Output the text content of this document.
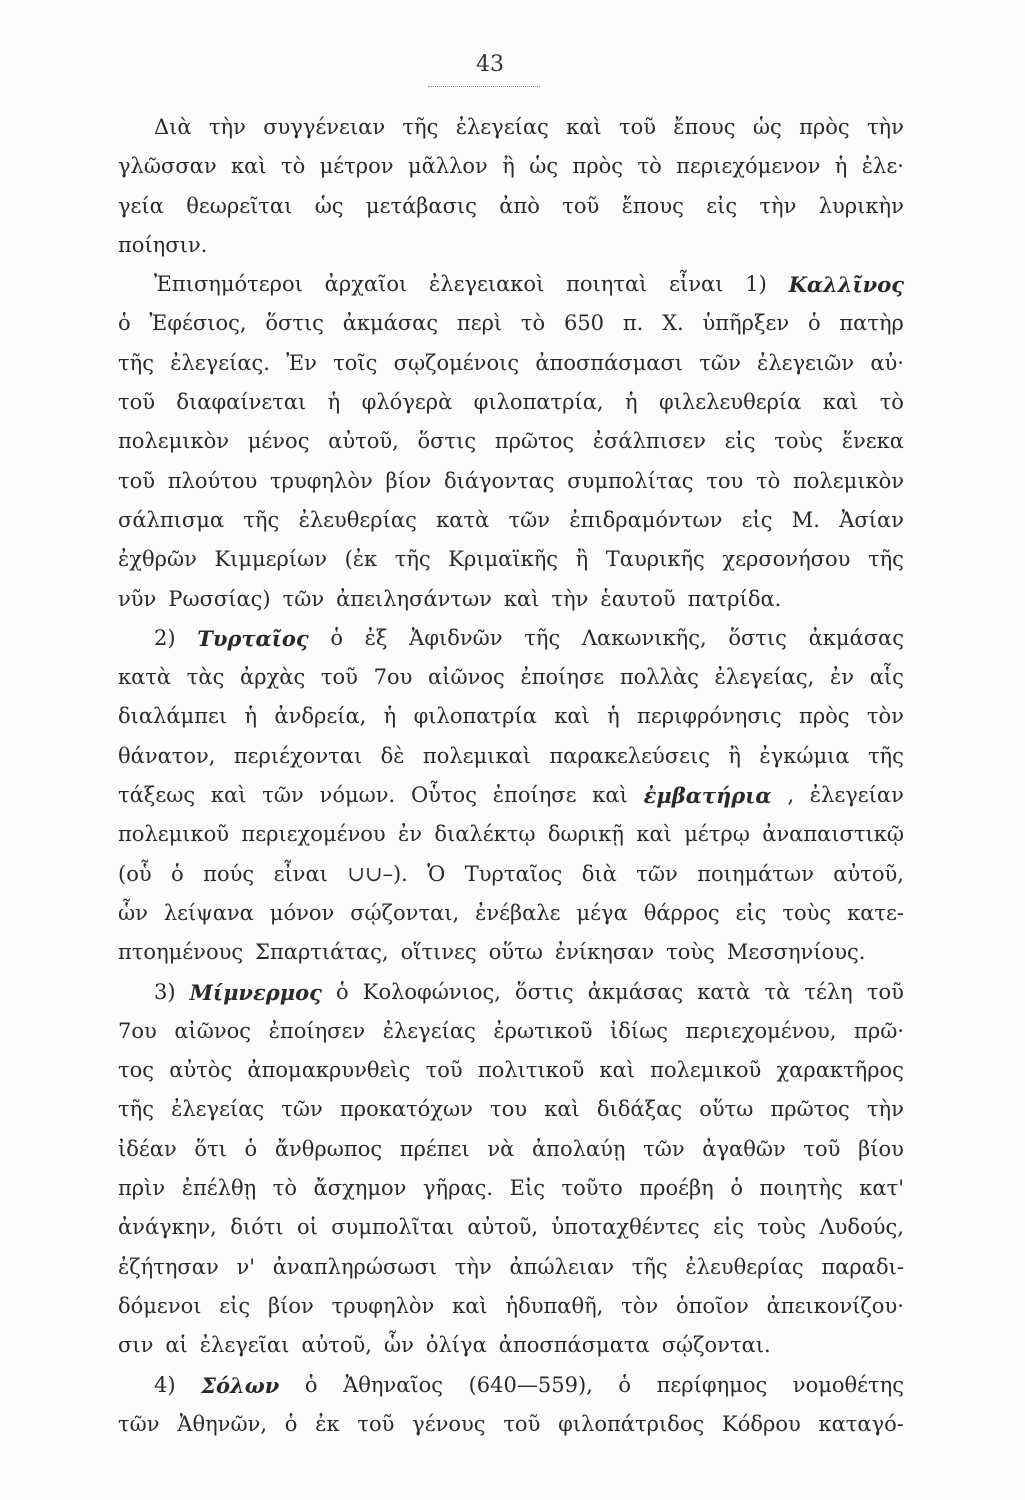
43
Διὰ τὴν συγγένειαν τῆς ἐλεγείας καὶ τοῦ ἔπους ὡς πρὸς τὴν
γλῶσσαν καὶ τὸ μέτρον μᾶλλον ἢ ὡς πρὸς τὸ περιεχόμενον ἡ ἐλε·
γεία θεωρεῖται ὡς μετάβασις ἀπὸ τοῦ ἔπους εἰς τὴν λυρικὴν
ποίησιν.
Ἐπισημότεροι ἀρχαῖοι ἐλεγειακοὶ ποιηταὶ εἶναι 1) Καλλῖνος
ὁ Ἐφέσιος, ὅστις ἀκμάσας περὶ τὸ 650 π. Χ. ὑπῆρξεν ὁ πατὴρ
τῆς ἐλεγείας. Ἐν τοῖς σῳζομένοις ἀποσπάσμασι τῶν ἐλεγειῶν αὐ·
τοῦ διαφαίνεται ἡ φλόγερὰ φιλοπατρία, ἡ φιλελευθερία καὶ τὸ
πολεμικὸν μένος αὐτοῦ, ὅστις πρῶτος ἐσάλπισεν εἰς τοὺς ἕνεκα
τοῦ πλούτου τρυφηλὸν βίον διάγοντας συμπολίτας του τὸ πολεμικὸν
σάλπισμα τῆς ἐλευθερίας κατὰ τῶν ἐπιδραμόντων εἰς Μ. Ἀσίαν
ἐχθρῶν Κιμμερίων (ἐκ τῆς Κριμαϊκῆς ἢ Ταυρικῆς χερσονήσου τῆς
νῦν Ρωσσίας) τῶν ἀπειλησάντων καὶ τὴν ἑαυτοῦ πατρίδα.
2) Τυρταῖος ὁ ἐξ Ἀφιδνῶν τῆς Λακωνικῆς, ὅστις ἀκμάσας
κατὰ τὰς ἀρχὰς τοῦ 7ου αἰῶνος ἐποίησε πολλὰς ἐλεγείας, ἐν αἷς
διαλάμπει ἡ ἀνδρεία, ἡ φιλοπατρία καὶ ἡ περιφρόνησις πρὸς τὸν
θάνατον, περιέχονται δὲ πολεμικαὶ παρακελεύσεις ἢ ἐγκώμια τῆς
τάξεως καὶ τῶν νόμων. Οὗτος ἐποίησε καὶ ἐμβατήρια , ἐλεγείαν
πολεμικοῦ περιεχομένου ἐν διαλέκτῳ δωρικῇ καὶ μέτρῳ ἀναπαιστικῷ
(οὗ ὁ πούς εἶναι ∪∪–). Ὁ Τυρταῖος διὰ τῶν ποιημάτων αὐτοῦ,
ὧν λείψανα μόνον σῴζονται, ἐνέβαλε μέγα θάρρος εἰς τοὺς κατε-
πτοημένους Σπαρτιάτας, οἵτινες οὕτω ἐνίκησαν τοὺς Μεσσηνίους.
3) Μίμνερμος ὁ Κολοφώνιος, ὅστις ἀκμάσας κατὰ τὰ τέλη τοῦ
7ου αἰῶνος ἐποίησεν ἐλεγείας ἐρωτικοῦ ἰδίως περιεχομένου, πρῶ·
τος αὐτὸς ἀπομακρυνθεὶς τοῦ πολιτικοῦ καὶ πολεμικοῦ χαρακτῆρος
τῆς ἐλεγείας τῶν προκατόχων του καὶ διδάξας οὕτω πρῶτος τὴν
ἰδέαν ὅτι ὁ ἄνθρωπος πρέπει νὰ ἀπολαύῃ τῶν ἀγαθῶν τοῦ βίου
πρὶν ἐπέλθῃ τὸ ἄσχημον γῆρας. Εἰς τοῦτο προέβη ὁ ποιητὴς κατ'
ἀνάγκην, διότι οἱ συμπολῖται αὐτοῦ, ὑποταχθέντες εἰς τοὺς Λυδούς,
ἐζήτησαν ν' ἀναπληρώσωσι τὴν ἀπώλειαν τῆς ἐλευθερίας παραδι-
δόμενοι εἰς βίον τρυφηλὸν καὶ ἡδυπαθῆ, τὸν ὁποῖον ἀπεικονίζου·
σιν αἱ ἐλεγεῖαι αὐτοῦ, ὧν ὀλίγα ἀποσπάσματα σῴζονται.
4) Σόλων ὁ Ἀθηναῖος (640—559), ὁ περίφημος νομοθέτης
τῶν Ἀθηνῶν, ὁ ἐκ τοῦ γένους τοῦ φιλοπάτριδος Κόδρου καταγό-
